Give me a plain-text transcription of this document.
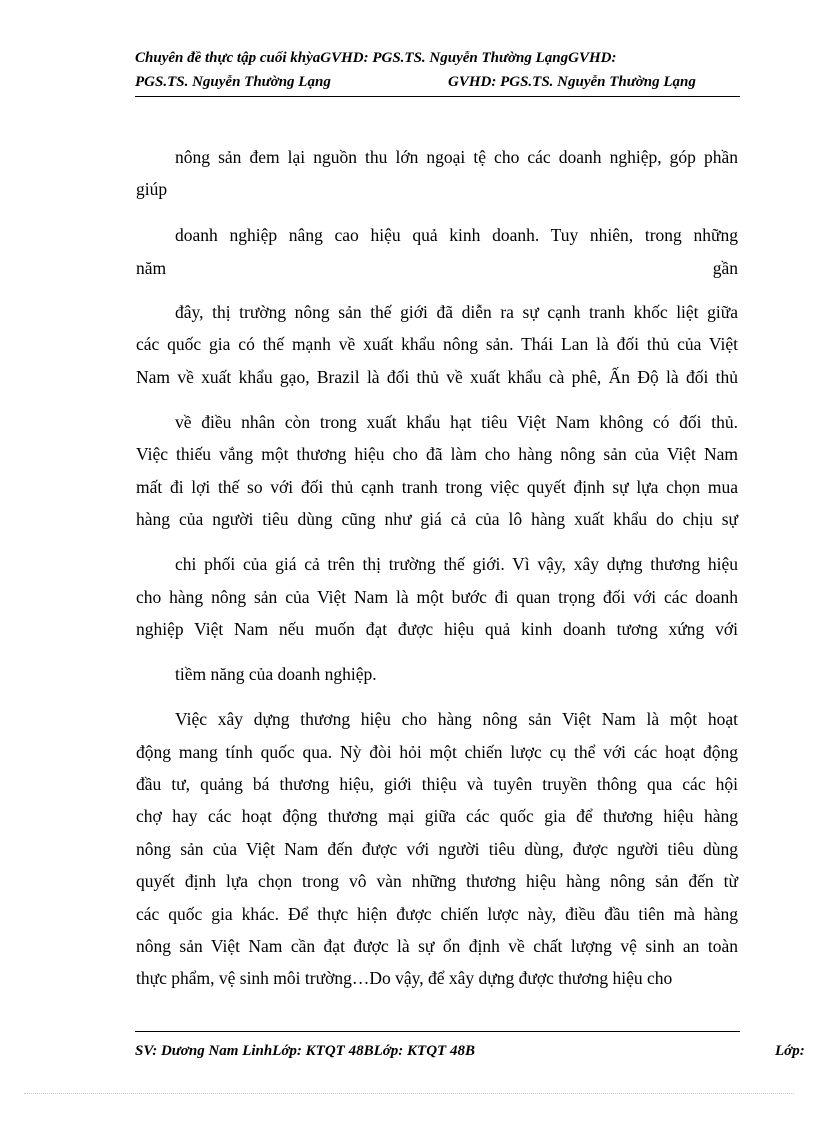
Chuyên đề thực tập cuối khỳaGVHD: PGS.TS. Nguyễn Thường LạngGVHD:
PGS.TS. Nguyễn Thường Lạng	GVHD: PGS.TS. Nguyễn Thường Lạng
nông sản đem lại nguồn thu lớn ngoại tệ cho các doanh nghiệp, góp phần
giúp
doanh nghiệp nâng cao hiệu quả kinh doanh. Tuy nhiên, trong những
năm	gần
đây, thị trường nông sản thế giới đã diễn ra sự cạnh tranh khốc liệt giữa
các quốc gia có thế mạnh về xuất khẩu nông sản. Thái Lan là đối thủ của Việt
Nam về xuất khẩu gạo, Brazil là đối thủ về xuất khẩu cà phê, Ấn Độ là đối thủ
về điều nhân còn trong xuất khẩu hạt tiêu Việt Nam không có đối thủ.
Việc thiếu vắng một thương hiệu cho đã làm cho hàng nông sản của Việt Nam
mất đi lợi thế so với đối thủ cạnh tranh trong việc quyết định sự lựa chọn mua
hàng của người tiêu dùng cũng như giá cả của lô hàng xuất khẩu do chịu sự
chi phối của giá cả trên thị trường thế giới. Vì vậy, xây dựng thương hiệu
cho hàng nông sản của Việt Nam là một bước đi quan trọng đối với các doanh
nghiệp Việt Nam nếu muốn đạt được hiệu quả kinh doanh tương xứng với
tiềm năng của doanh nghiệp.
Việc xây dựng thương hiệu cho hàng nông sản Việt Nam là một hoạt
động mang tính quốc qua. Nỳ đòi hỏi một chiến lược cụ thể với các hoạt động
đầu tư, quảng bá thương hiệu, giới thiệu và tuyên truyền thông qua các hội
chợ hay các hoạt động thương mại giữa các quốc gia để thương hiệu hàng
nông sản của Việt Nam đến được với người tiêu dùng, được người tiêu dùng
quyết định lựa chọn trong vô vàn những thương hiệu hàng nông sản đến từ
các quốc gia khác. Để thực hiện được chiến lược này, điều đầu tiên mà hàng
nông sản Việt Nam cần đạt được là sự ổn định về chất lượng vệ sinh an toàn
thực phẩm, vệ sinh môi trường…Do vậy, để xây dựng được thương hiệu cho
SV: Dương Nam LinhLớp: KTQT 48BLớp: KTQT 48B	Lớp:
